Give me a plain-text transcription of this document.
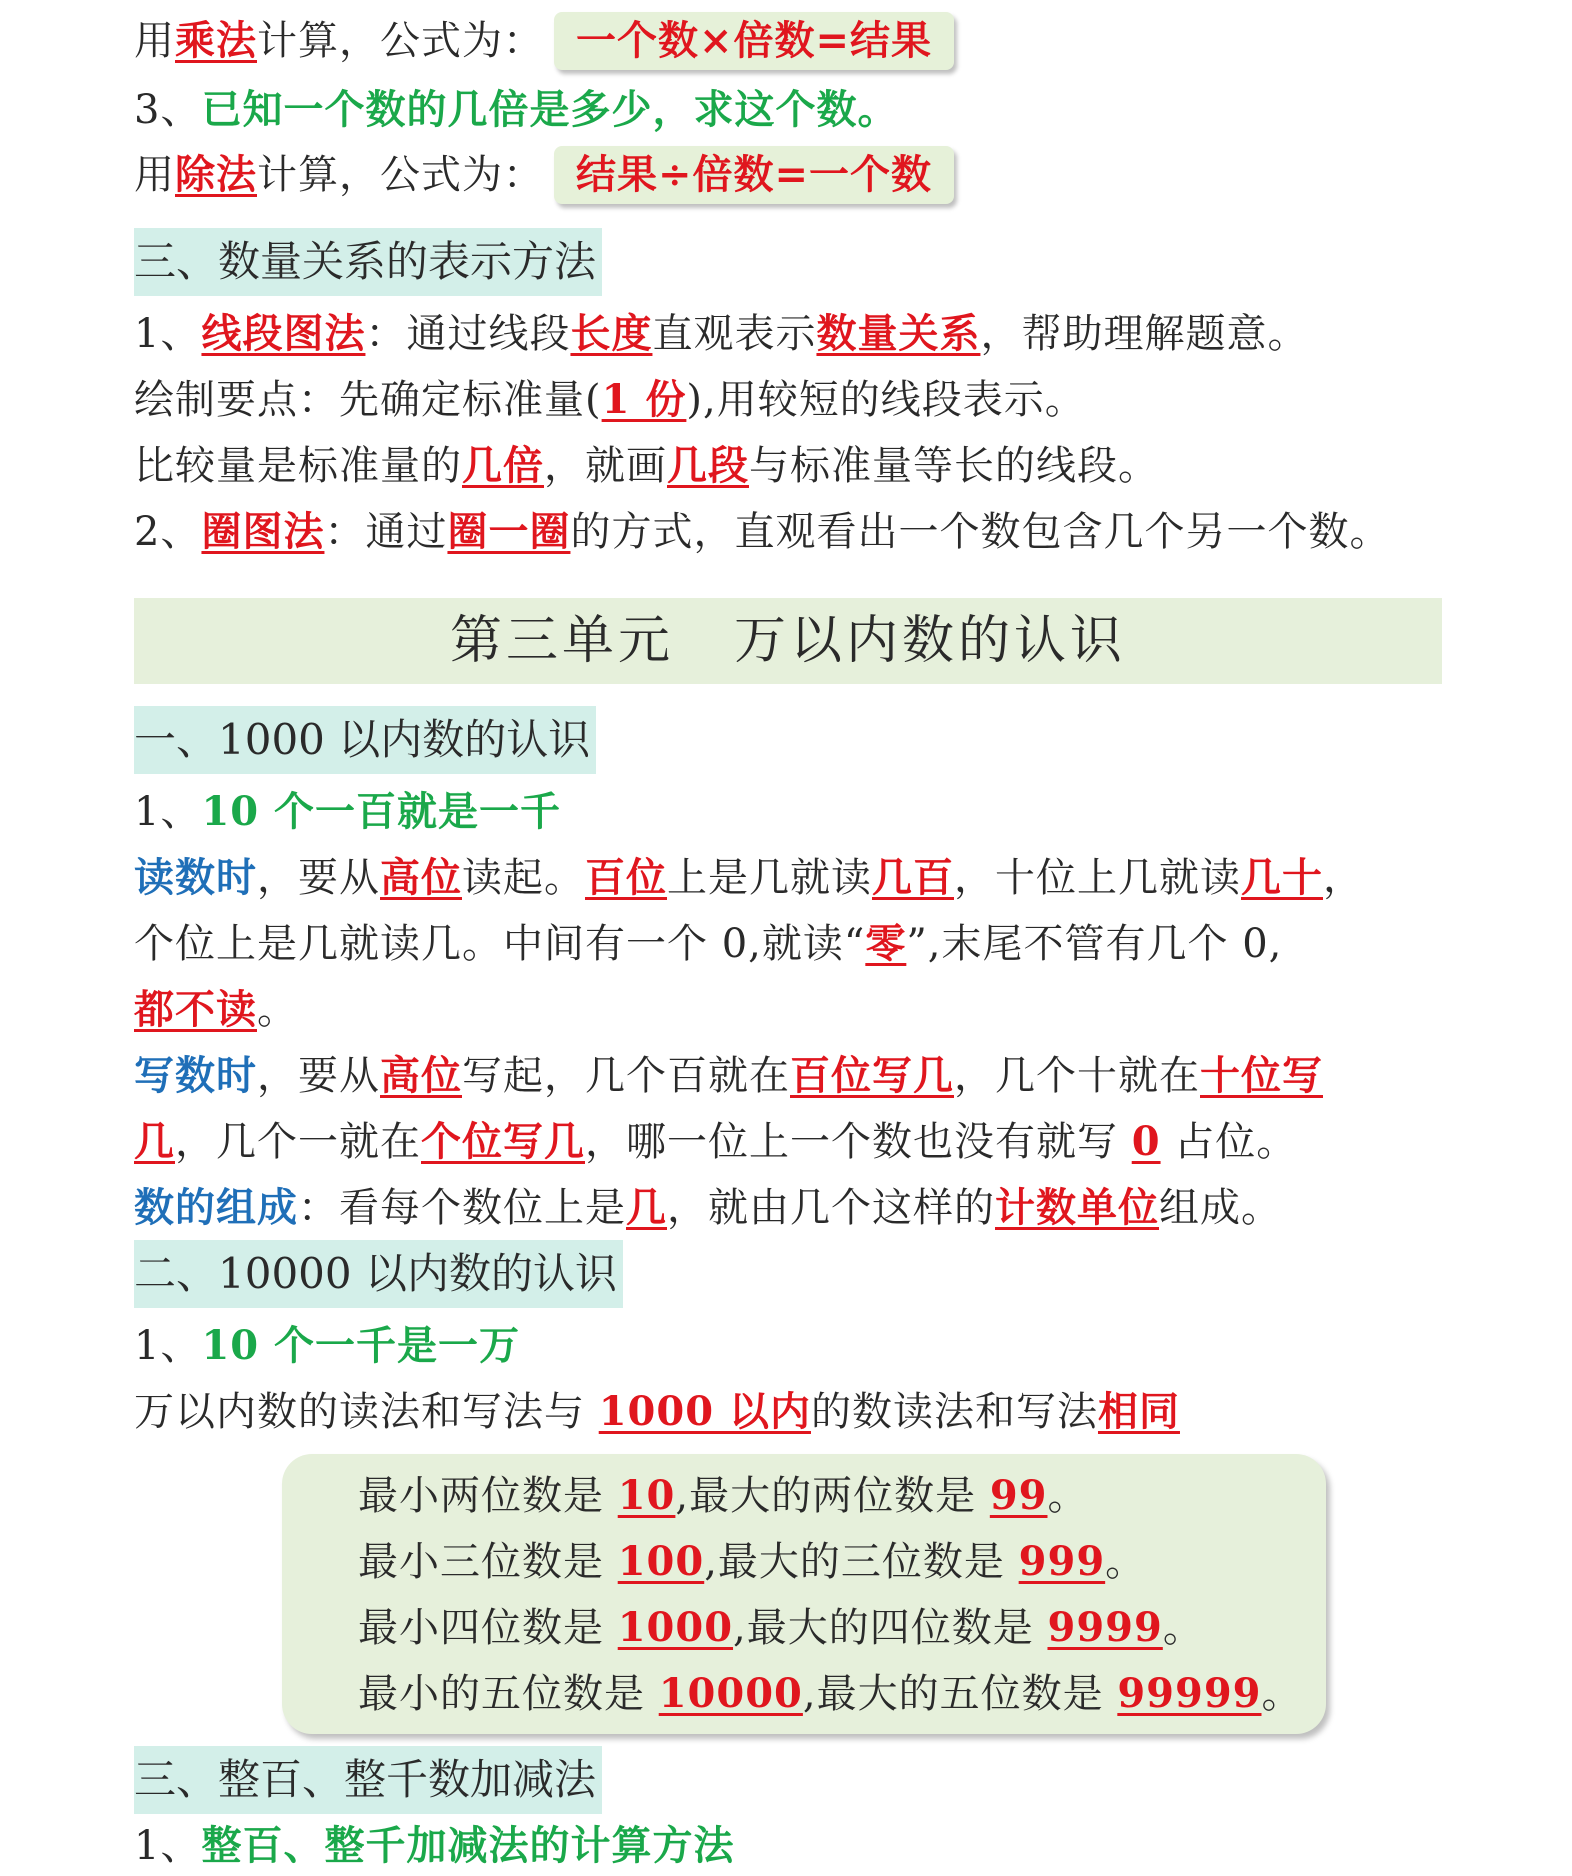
用乘法计算，公式为： 一个数×倍数=结果
3、已知一个数的几倍是多少，求这个数。
用除法计算，公式为： 结果÷倍数=一个数
三、数量关系的表示方法
1、线段图法：通过线段长度直观表示数量关系，帮助理解题意。
绘制要点：先确定标准量(1 份),用较短的线段表示。
比较量是标准量的几倍，就画几段与标准量等长的线段。
2、圈图法：通过圈一圈的方式，直观看出一个数包含几个另一个数。
第三单元 万以内数的认识
一、1000 以内数的认识
1、10 个一百就是一千
读数时，要从高位读起。百位上是几就读几百，十位上几就读几十，
个位上是几就读几。中间有一个 0,就读“零”,末尾不管有几个 0,
都不读。
写数时，要从高位写起，几个百就在百位写几，几个十就在十位写
几，几个一就在个位写几，哪一位上一个数也没有就写 0 占位。
数的组成：看每个数位上是几，就由几个这样的计数单位组成。
二、10000 以内数的认识
1、10 个一千是一万
万以内数的读法和写法与 1000 以内的数读法和写法相同
最小两位数是 10,最大的两位数是 99。
最小三位数是 100,最大的三位数是 999。
最小四位数是 1000,最大的四位数是 9999。
最小的五位数是 10000,最大的五位数是 99999。
三、整百、整千数加减法
1、整百、整千加减法的计算方法
